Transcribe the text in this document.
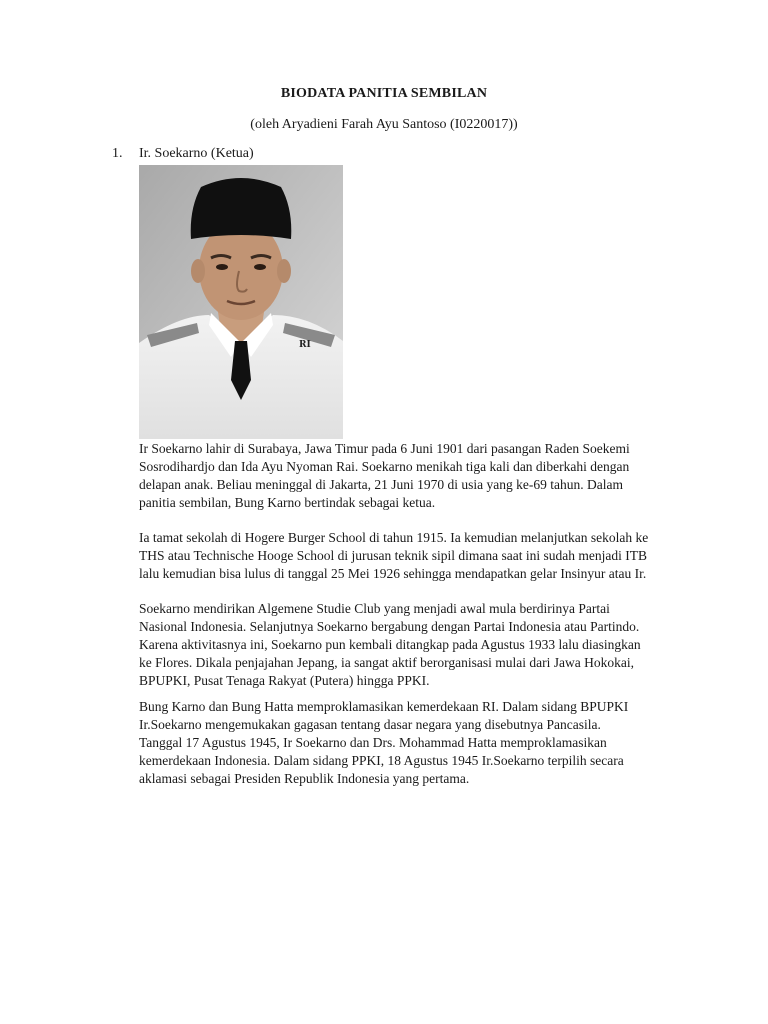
BIODATA PANITIA SEMBILAN
(oleh Aryadieni Farah Ayu Santoso (I0220017))
1. Ir. Soekarno (Ketua)
RI

Ir Soekarno lahir di Surabaya, Jawa Timur pada 6 Juni 1901 dari pasangan Raden Soekemi
Sosrodihardjo dan Ida Ayu Nyoman Rai. Soekarno menikah tiga kali dan diberkahi dengan
delapan anak. Beliau meninggal di Jakarta, 21 Juni 1970 di usia yang ke-69 tahun. Dalam
panitia sembilan, Bung Karno bertindak sebagai ketua.

Ia tamat sekolah di Hogere Burger School di tahun 1915. Ia kemudian melanjutkan sekolah ke
THS atau Technische Hooge School di jurusan teknik sipil dimana saat ini sudah menjadi ITB
lalu kemudian bisa lulus di tanggal 25 Mei 1926 sehingga mendapatkan gelar Insinyur atau Ir.

Soekarno mendirikan Algemene Studie Club yang menjadi awal mula berdirinya Partai
Nasional Indonesia. Selanjutnya Soekarno bergabung dengan Partai Indonesia atau Partindo.
Karena aktivitasnya ini, Soekarno pun kembali ditangkap pada Agustus 1933 lalu diasingkan
ke Flores. Dikala penjajahan Jepang, ia sangat aktif berorganisasi mulai dari Jawa Hokokai,
BPUPKI, Pusat Tenaga Rakyat (Putera) hingga PPKI.

Bung Karno dan Bung Hatta memproklamasikan kemerdekaan RI. Dalam sidang BPUPKI
Ir.Soekarno mengemukakan gagasan tentang dasar negara yang disebutnya Pancasila.
Tanggal 17 Agustus 1945, Ir Soekarno dan Drs. Mohammad Hatta memproklamasikan
kemerdekaan Indonesia. Dalam sidang PPKI, 18 Agustus 1945 Ir.Soekarno terpilih secara
aklamasi sebagai Presiden Republik Indonesia yang pertama.
